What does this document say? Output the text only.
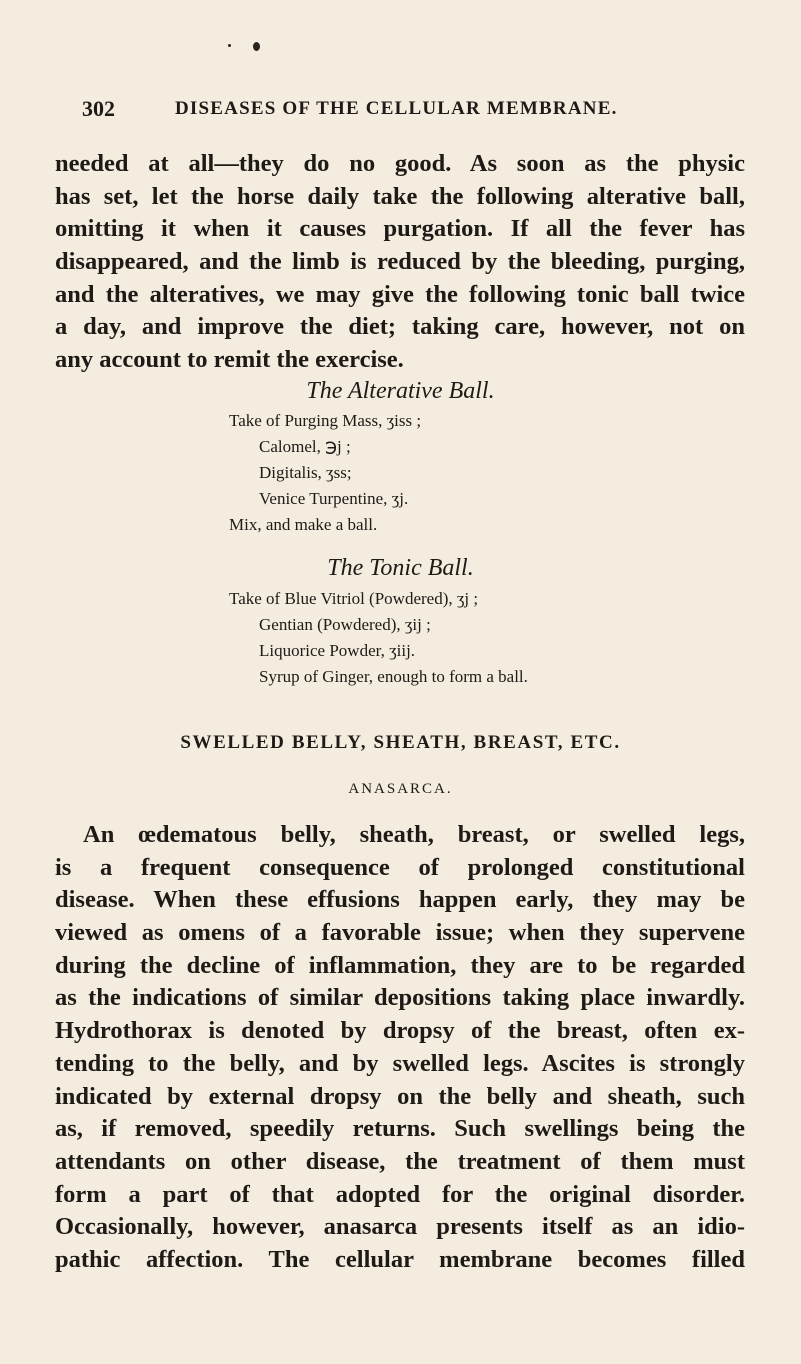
302	DISEASES OF THE CELLULAR MEMBRANE.
needed at all—they do no good. As soon as the physic
has set, let the horse daily take the following alterative ball,
omitting it when it causes purgation. If all the fever has
disappeared, and the limb is reduced by the bleeding, purging,
and the alteratives, we may give the following tonic ball twice
a day, and improve the diet; taking care, however, not on
any account to remit the exercise.
The Alterative Ball.
Take of Purging Mass, ʒiss ;
Calomel, ℈j ;
Digitalis, ʒss;
Venice Turpentine, ʒj.
Mix, and make a ball.
The Tonic Ball.
Take of Blue Vitriol (Powdered), ʒj ;
Gentian (Powdered), ʒij ;
Liquorice Powder, ʒiij.
Syrup of Ginger, enough to form a ball.
SWELLED BELLY, SHEATH, BREAST, ETC.
ANASARCA.
An œdematous belly, sheath, breast, or swelled legs,
is a frequent consequence of prolonged constitutional
disease. When these effusions happen early, they may be
viewed as omens of a favorable issue; when they supervene
during the decline of inflammation, they are to be regarded
as the indications of similar depositions taking place inwardly.
Hydrothorax is denoted by dropsy of the breast, often ex-
tending to the belly, and by swelled legs. Ascites is strongly
indicated by external dropsy on the belly and sheath, such
as, if removed, speedily returns. Such swellings being the
attendants on other disease, the treatment of them must
form a part of that adopted for the original disorder.
Occasionally, however, anasarca presents itself as an idio-
pathic affection. The cellular membrane becomes filled
